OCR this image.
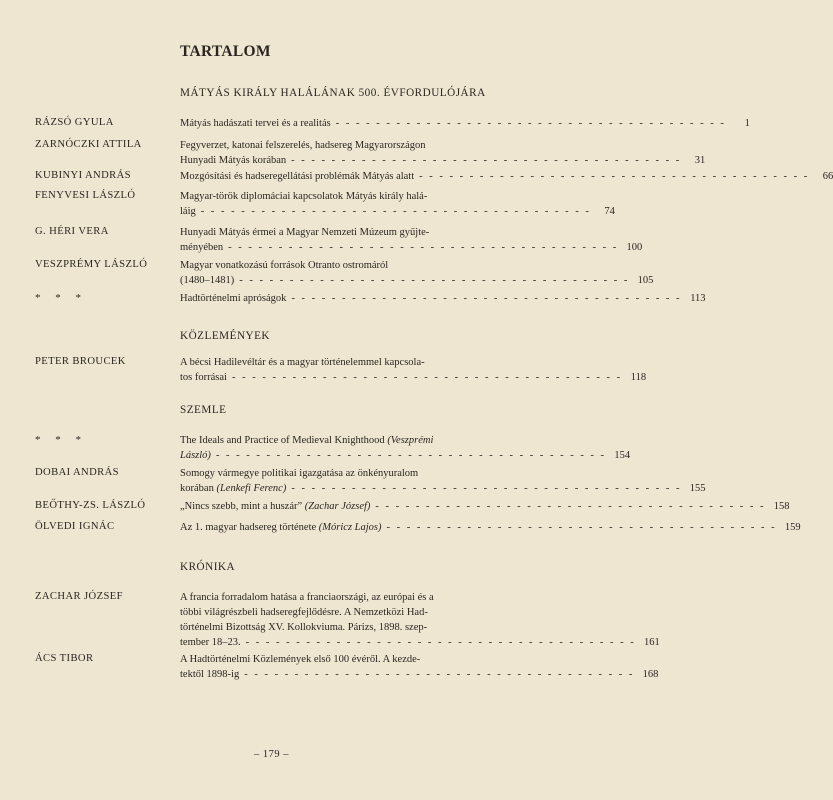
TARTALOM
MÁTYÁS KIRÁLY HALÁLÁNAK 500. ÉVFORDULÓJÁRA
RÁZSÓ GYULA	Mátyás hadászati tervei és a realitás - - - - - - - - - - - - - - - - - - - - - - - - - - - - - - - - - - - - - - -	1
ZARNÓCZKI ATTILA	Fegyverzet, katonai felszerelés, hadsereg Magyarországon
Hunyadi Mátyás korában - - - - - - - - - - - - - - - - - - - - - - - - - - - - - - - - - - - - - - -	31
KUBINYI ANDRÁS	Mozgósítási és hadseregellátási problémák Mátyás alatt - - - - - - - - - - - - - - - - - - - - - - - - - - - - - - - - - - - - - - -	66
FENYVESI LÁSZLÓ	Magyar-török diplomáciai kapcsolatok Mátyás király halá-
láig - - - - - - - - - - - - - - - - - - - - - - - - - - - - - - - - - - - - - - -	74
G. HÉRI VERA	Hunyadi Mátyás érmei a Magyar Nemzeti Múzeum gyűjte-
ményében - - - - - - - - - - - - - - - - - - - - - - - - - - - - - - - - - - - - - - - 100
VESZPRÉMY LÁSZLÓ	Magyar vonatkozású források Otranto ostromáról
(1480–1481) - - - - - - - - - - - - - - - - - - - - - - - - - - - - - - - - - - - - - - - 105
* * *	Hadtörténelmi apróságok - - - - - - - - - - - - - - - - - - - - - - - - - - - - - - - - - - - - - - - 113
KÖZLEMÉNYEK
PETER BROUCEK	A bécsi Hadilevéltár és a magyar történelemmel kapcsola-
tos forrásai - - - - - - - - - - - - - - - - - - - - - - - - - - - - - - - - - - - - - - - 118
SZEMLE
* * *	The Ideals and Practice of Medieval Knighthood (Veszprémi
László) - - - - - - - - - - - - - - - - - - - - - - - - - - - - - - - - - - - - - - - 154
DOBAI ANDRÁS	Somogy vármegye politikai igazgatása az önkényuralom
korában (Lenkefi Ferenc) - - - - - - - - - - - - - - - - - - - - - - - - - - - - - - - - - - - - - - - 155
BEŐTHY-ZS. LÁSZLÓ	„Nincs szebb, mint a huszár” (Zachar József) - - - - - - - - - - - - - - - - - - - - - - - - - - - - - - - - - - - - - - - 158
ÖLVEDI IGNÁC	Az 1. magyar hadsereg története (Móricz Lajos) - - - - - - - - - - - - - - - - - - - - - - - - - - - - - - - - - - - - - - - 159
KRÓNIKA
ZACHAR JÓZSEF	A francia forradalom hatása a franciaországi, az európai és a
többi világrészbeli hadseregfejlődésre. A Nemzetközi Had-
történelmi Bizottság XV. Kollokviuma. Párizs, 1898. szep-
tember 18–23. - - - - - - - - - - - - - - - - - - - - - - - - - - - - - - - - - - - - - - - 161
ÁCS TIBOR	A Hadtörténelmi Közlemények első 100 évéről. A kezde-
tektől 1898-ig - - - - - - - - - - - - - - - - - - - - - - - - - - - - - - - - - - - - - - - 168
– 179 –
